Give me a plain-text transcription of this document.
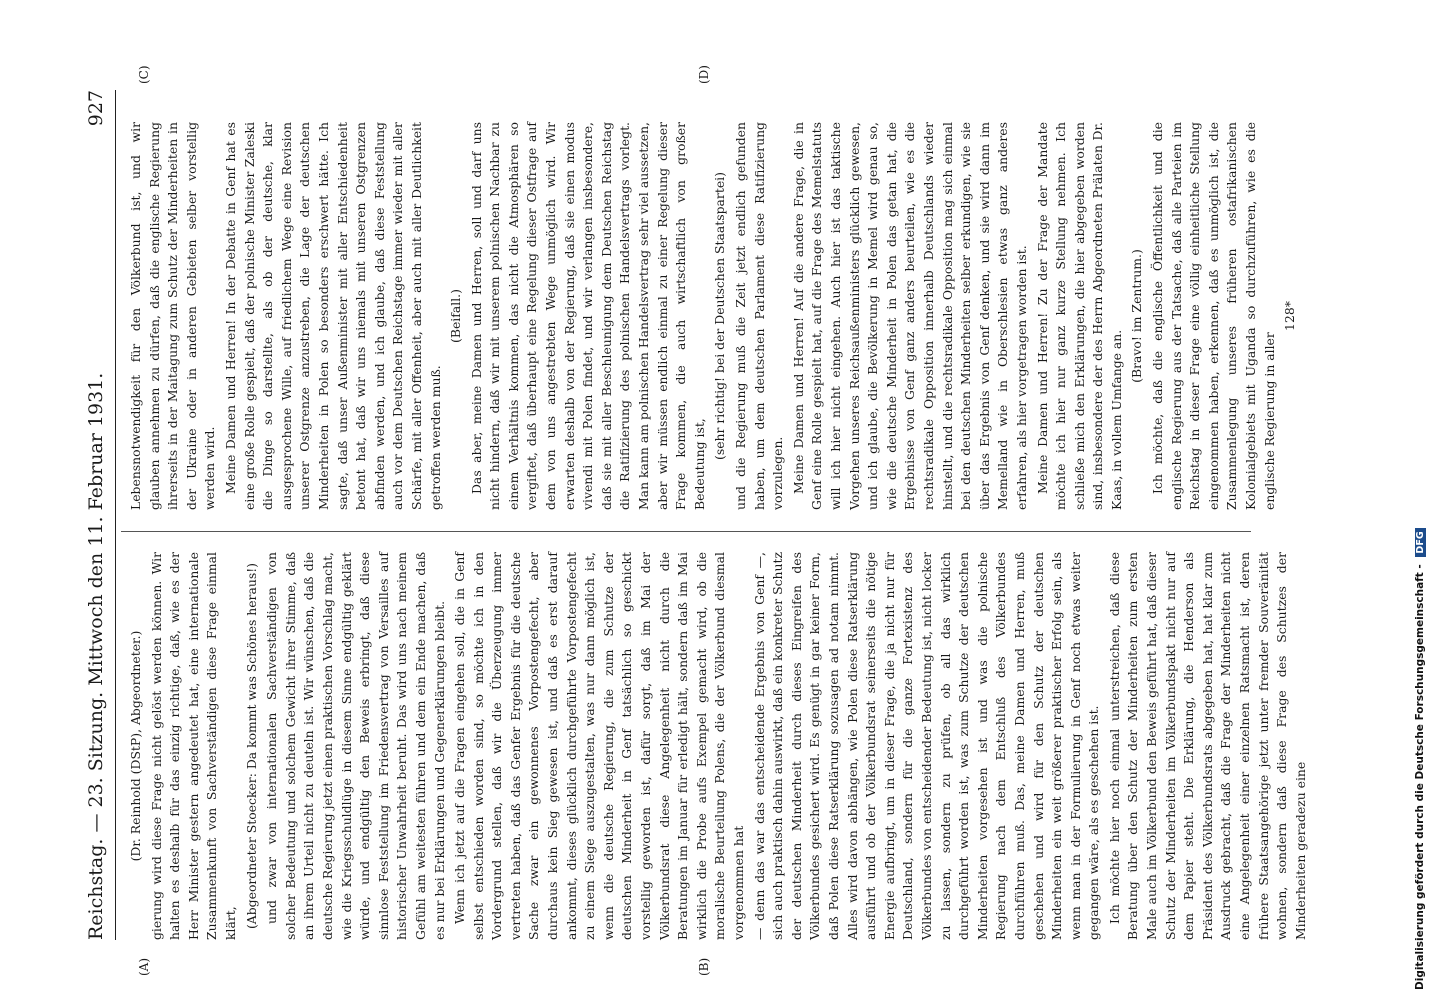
Reichstag. — 23. Sitzung. Mittwoch den 11. Februar 1931.
927

(Dr. Reinhold (DStP), Abgeordneter.) gierung wird diese Frage nicht gelöst werden können. Wir halten es deshalb für das einzig richtige, daß, wie es der Herr Minister gestern angedeutet hat, eine internationale Zusammenkunft von Sachverständigen diese Frage einmal klärt, (Abgeordneter Stoecker: Da kommt was Schönes heraus!) und zwar von internationalen Sachverständigen von solcher Bedeutung und solchem Gewicht ihrer Stimme, daß an ihrem Urteil nicht zu deuteln ist. Wir wünschen, daß die deutsche Regierung jetzt einen praktischen Vorschlag macht, wie die Kriegsschuldlüge in diesem Sinne endgültig geklärt würde, und endgültig den Beweis erbringt, daß diese sinnlose Feststellung im Friedensvertrag von Versailles auf historischer Unwahrheit beruht. Das wird uns nach meinem Gefühl am weitesten führen und dem ein Ende machen, daß es nur bei Erklärungen und Gegenerklärungen bleibt. Wenn ich jetzt auf die Fragen eingehen soll, die in Genf selbst entschieden worden sind, so möchte ich in den Vordergrund stellen, daß wir die Überzeugung immer vertreten haben, daß das Genfer Ergebnis für die deutsche Sache zwar ein gewonnenes Vorpostengefecht, aber durchaus kein Sieg gewesen ist, und daß es erst darauf ankommt, dieses glücklich durchgeführte Vorpostengefecht zu einem Siege auszugestalten, was nur dann möglich ist, wenn die deutsche Regierung, die zum Schutze der deutschen Minderheit in Genf tatsächlich so geschickt vorstellig geworden ist, dafür sorgt, daß im Mai der Völkerbundsrat diese Angelegenheit nicht durch die Beratungen im Januar für erledigt hält, sondern daß im Mai wirklich die Probe aufs Exempel gemacht wird, ob die moralische Beurteilung Polens, die der Völkerbund diesmal vorgenommen hat — denn das war das entscheidende Ergebnis von Genf —, sich auch praktisch dahin auswirkt, daß ein konkreter Schutz der deutschen Minderheit durch dieses Eingreifen des Völkerbundes gesichert wird. Es genügt in gar keiner Form, daß Polen diese Ratserklärung sozusagen ad notam nimmt. Alles wird davon abhängen, wie Polen diese Ratserklärung ausführt und ob der Völkerbundsrat seinerseits die nötige Energie aufbringt, um in dieser Frage, die ja nicht nur für Deutschland, sondern für die ganze Fortexistenz des Völkerbundes von entscheidender Bedeutung ist, nicht locker zu lassen, sondern zu prüfen, ob all das wirklich durchgeführt worden ist, was zum Schutze der deutschen Minderheiten vorgesehen ist und was die polnische Regierung nach dem Entschluß des Völkerbundes durchführen muß. Das, meine Damen und Herren, muß geschehen und wird für den Schutz der deutschen Minderheiten ein weit größerer praktischer Erfolg sein, als wenn man in der Formulierung in Genf noch etwas weiter gegangen wäre, als es geschehen ist. Ich möchte hier noch einmal unterstreichen, daß diese Beratung über den Schutz der Minderheiten zum ersten Male auch im Völkerbund den Beweis geführt hat, daß dieser Schutz der Minderheiten im Völkerbundspakt nicht nur auf dem Papier steht. Die Erklärung, die Henderson als Präsident des Völkerbundsrats abgegeben hat, hat klar zum Ausdruck gebracht, daß die Frage der Minderheiten nicht eine Angelegenheit einer einzelnen Ratsmacht ist, deren frühere Staatsangehörige jetzt unter fremder Souveränität wohnen, sondern daß diese Frage des Schutzes der Minderheiten geradezu eine

Lebensnotwendigkeit für den Völkerbund ist, und wir glauben annehmen zu dürfen, daß die englische Regierung ihrerseits in der Maitagung zum Schutz der Minderheiten in der Ukraine oder in anderen Gebieten selber vorstellig werden wird. Meine Damen und Herren! In der Debatte in Genf hat es eine große Rolle gespielt, daß der polnische Minister Zaleski die Dinge so darstellte, als ob der deutsche, klar ausgesprochene Wille, auf friedlichem Wege eine Revision unserer Ostgrenze anzustreben, die Lage der deutschen Minderheiten in Polen so besonders erschwert hätte. Ich sagte, daß unser Außenminister mit aller Entschiedenheit betont hat, daß wir uns niemals mit unseren Ostgrenzen abfinden werden, und ich glaube, daß diese Feststellung auch vor dem Deutschen Reichstage immer wieder mit aller Schärfe, mit aller Offenheit, aber auch mit aller Deutlichkeit getroffen werden muß.

(Beifall.) Das aber, meine Damen und Herren, soll und darf uns nicht hindern, daß wir mit unserem polnischen Nachbar zu einem Verhältnis kommen, das nicht die Atmosphären so vergiftet, daß überhaupt eine Regelung dieser Ostfrage auf dem von uns angestrebten Wege unmöglich wird. Wir erwarten deshalb von der Regierung, daß sie einen modus vivendi mit Polen findet, und wir verlangen insbesondere, daß sie mit aller Beschleunigung dem Deutschen Reichstag die Ratifizierung des polnischen Handelsvertrags vorlegt. Man kann am polnischen Handelsvertrag sehr viel aussetzen, aber wir müssen endlich einmal zu einer Regelung dieser Frage kommen, die auch wirtschaftlich von großer Bedeutung ist,

(sehr richtig! bei der Deutschen Staatspartei) und die Regierung muß die Zeit jetzt endlich gefunden haben, um dem deutschen Parlament diese Ratifizierung vorzulegen. Meine Damen und Herren! Auf die andere Frage, die in Genf eine Rolle gespielt hat, auf die Frage des Memelstatuts will ich hier nicht eingehen. Auch hier ist das taktische Vorgehen unseres Reichsaußenministers glücklich gewesen, und ich glaube, die Bevölkerung in Memel wird genau so, wie die deutsche Minderheit in Polen das getan hat, die Ergebnisse von Genf ganz anders beurteilen, wie es die rechtsradikale Opposition innerhalb Deutschlands wieder hinstellt, und die rechtsradikale Opposition mag sich einmal bei den deutschen Minderheiten selber erkundigen, wie sie über das Ergebnis von Genf denken, und sie wird dann im Memelland wie in Oberschlesien etwas ganz anderes erfahren, als hier vorgetragen worden ist. Meine Damen und Herren! Zu der Frage der Mandate möchte ich hier nur ganz kurze Stellung nehmen. Ich schließe mich den Erklärungen, die hier abgegeben worden sind, insbesondere der des Herrn Abgeordneten Prälaten Dr. Kaas, in vollem Umfange an.

(Bravo! im Zentrum.) Ich möchte, daß die englische Öffentlichkeit und die englische Regierung aus der Tatsache, daß alle Parteien im Reichstag in dieser Frage eine völlig einheitliche Stellung eingenommen haben, erkennen, daß es unmöglich ist, die Zusammenlegung unseres früheren ostafrikanischen Kolonialgebiets mit Uganda so durchzuführen, wie es die englische Regierung in aller

128*

(A)	(B)
(C)	(D)
Digitalisierung gefördert durch die Deutsche Forschungsgemeinschaft - DFG
